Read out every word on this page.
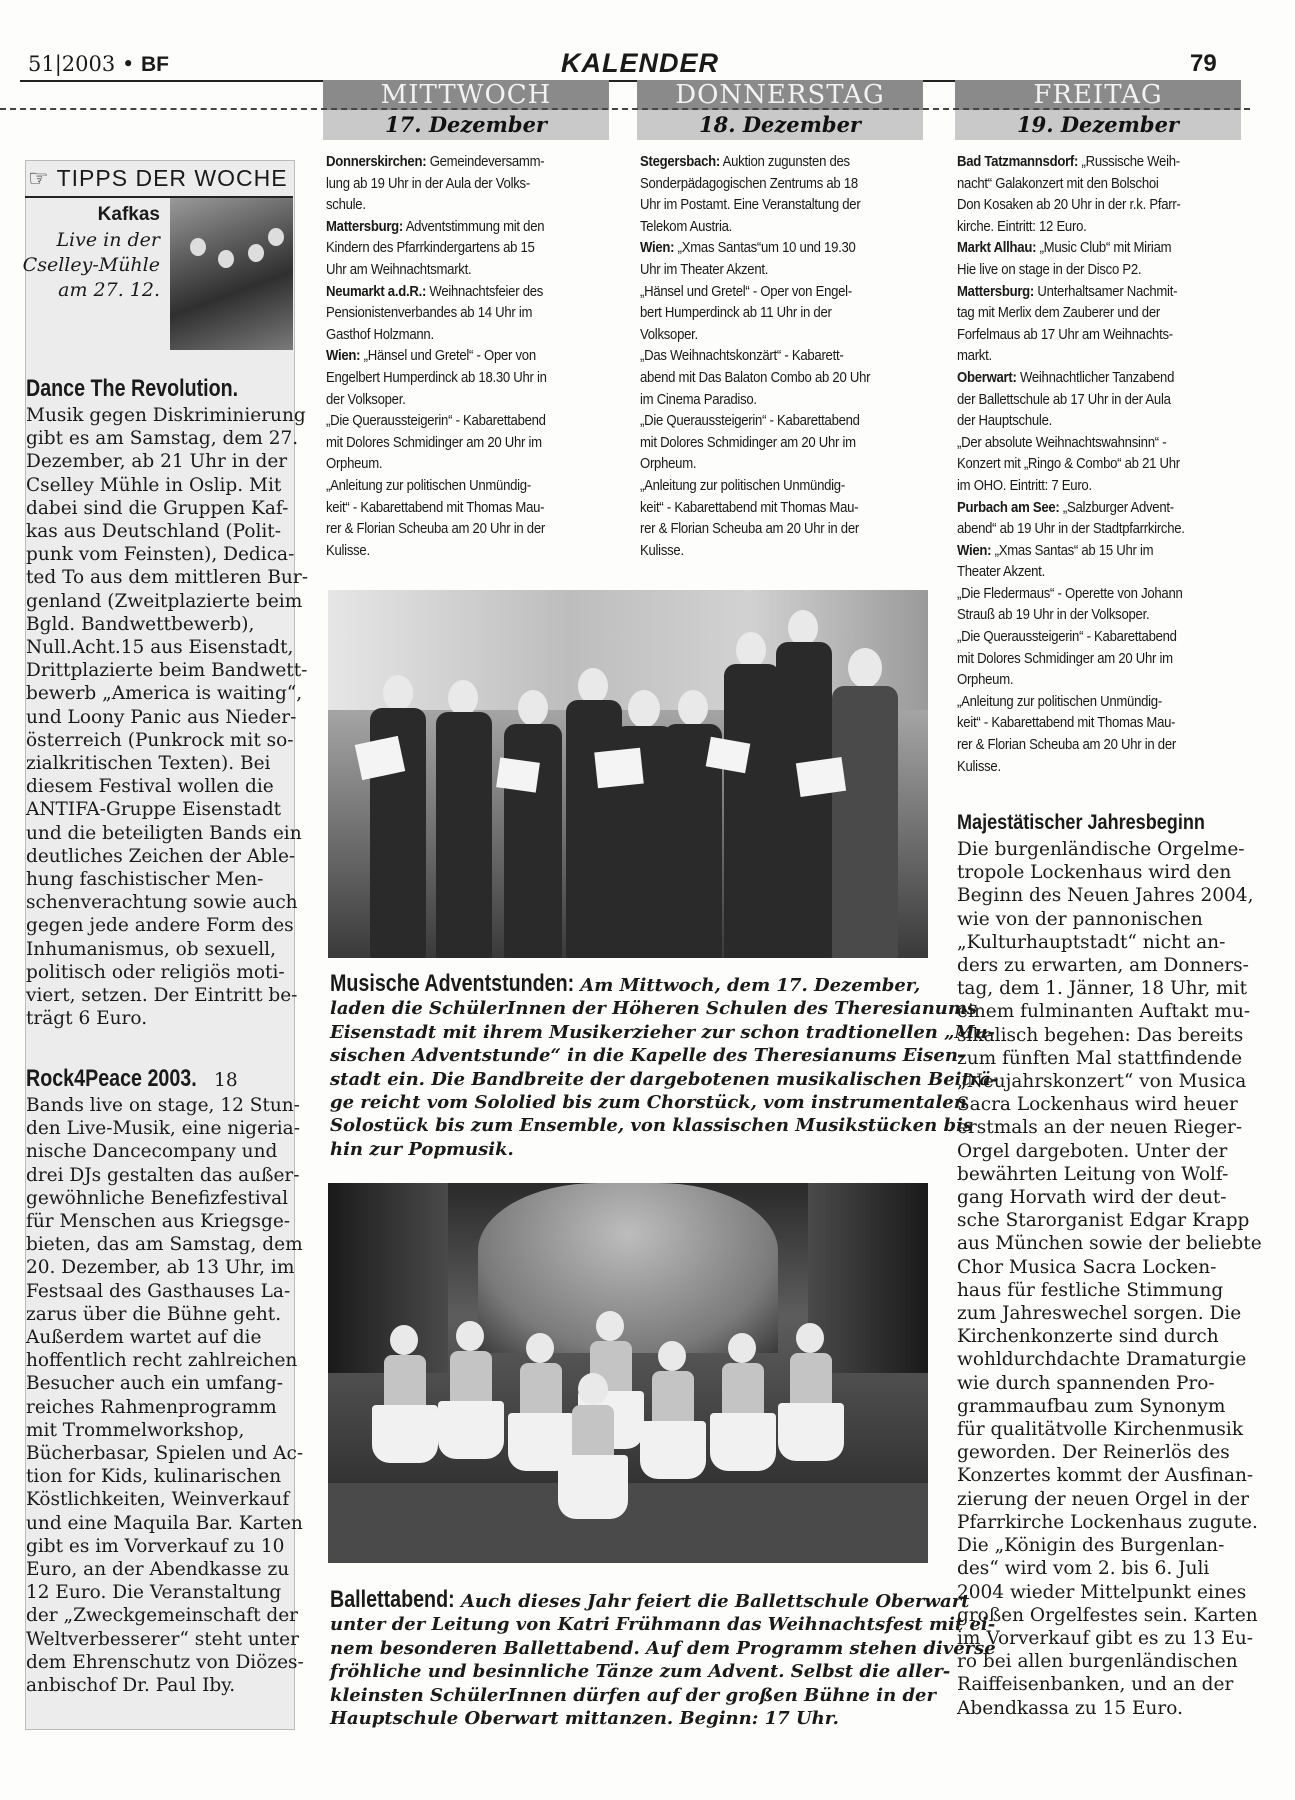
51|2003 • BF	KALENDER	79
MITTWOCH
17. Dezember
DONNERSTAG
18. Dezember
FREITAG
19. Dezember
☞ TIPPS DER WOCHE
Kafkas
Live in der
Cselley-Mühle
am 27. 12.
Dance The Revolution.
Musik gegen Diskriminierung
gibt es am Samstag, dem 27.
Dezember, ab 21 Uhr in der
Cselley Mühle in Oslip. Mit
dabei sind die Gruppen Kaf-
kas aus Deutschland (Polit-
punk vom Feinsten), Dedica-
ted To aus dem mittleren Bur-
genland (Zweitplazierte beim
Bgld. Bandwettbewerb),
Null.Acht.15 aus Eisenstadt,
Drittplazierte beim Bandwett-
bewerb „America is waiting“,
und Loony Panic aus Nieder-
österreich (Punkrock mit so-
zialkritischen Texten). Bei
diesem Festival wollen die
ANTIFA-Gruppe Eisenstadt
und die beteiligten Bands ein
deutliches Zeichen der Able-
hung faschistischer Men-
schenverachtung sowie auch
gegen jede andere Form des
Inhumanismus, ob sexuell,
politisch oder religiös moti-
viert, setzen. Der Eintritt be-
trägt 6 Euro.
Rock4Peace 2003. 18
Bands live on stage, 12 Stun-
den Live-Musik, eine nigeria-
nische Dancecompany und
drei DJs gestalten das außer-
gewöhnliche Benefizfestival
für Menschen aus Kriegsge-
bieten, das am Samstag, dem
20. Dezember, ab 13 Uhr, im
Festsaal des Gasthauses La-
zarus über die Bühne geht.
Außerdem wartet auf die
hoffentlich recht zahlreichen
Besucher auch ein umfang-
reiches Rahmenprogramm
mit Trommelworkshop,
Bücherbasar, Spielen und Ac-
tion for Kids, kulinarischen
Köstlichkeiten, Weinverkauf
und eine Maquila Bar. Karten
gibt es im Vorverkauf zu 10
Euro, an der Abendkasse zu
12 Euro. Die Veranstaltung
der „Zweckgemeinschaft der
Weltverbesserer“ steht unter
dem Ehrenschutz von Diözes-
anbischof Dr. Paul Iby.
Donnerskirchen: Gemeindeversamm-
lung ab 19 Uhr in der Aula der Volks-
schule.
Mattersburg: Adventstimmung mit den
Kindern des Pfarrkindergartens ab 15
Uhr am Weihnachtsmarkt.
Neumarkt a.d.R.: Weihnachtsfeier des
Pensionistenverbandes ab 14 Uhr im
Gasthof Holzmann.
Wien: „Hänsel und Gretel“ - Oper von
Engelbert Humperdinck ab 18.30 Uhr in
der Volksoper.
„Die Queraussteigerin“ - Kabarettabend
mit Dolores Schmidinger am 20 Uhr im
Orpheum.
„Anleitung zur politischen Unmündig-
keit“ - Kabarettabend mit Thomas Mau-
rer & Florian Scheuba am 20 Uhr in der
Kulisse.
Stegersbach: Auktion zugunsten des
Sonderpädagogischen Zentrums ab 18
Uhr im Postamt. Eine Veranstaltung der
Telekom Austria.
Wien: „Xmas Santas“um 10 und 19.30
Uhr im Theater Akzent.
„Hänsel und Gretel“ - Oper von Engel-
bert Humperdinck ab 11 Uhr in der
Volksoper.
„Das Weihnachtskonzärt“ - Kabarett-
abend mit Das Balaton Combo ab 20 Uhr
im Cinema Paradiso.
„Die Queraussteigerin“ - Kabarettabend
mit Dolores Schmidinger am 20 Uhr im
Orpheum.
„Anleitung zur politischen Unmündig-
keit“ - Kabarettabend mit Thomas Mau-
rer & Florian Scheuba am 20 Uhr in der
Kulisse.
Bad Tatzmannsdorf: „Russische Weih-
nacht“ Galakonzert mit den Bolschoi
Don Kosaken ab 20 Uhr in der r.k. Pfarr-
kirche. Eintritt: 12 Euro.
Markt Allhau: „Music Club“ mit Miriam
Hie live on stage in der Disco P2.
Mattersburg: Unterhaltsamer Nachmit-
tag mit Merlix dem Zauberer und der
Forfelmaus ab 17 Uhr am Weihnachts-
markt.
Oberwart: Weihnachtlicher Tanzabend
der Ballettschule ab 17 Uhr in der Aula
der Hauptschule.
„Der absolute Weihnachtswahnsinn“ -
Konzert mit „Ringo & Combo“ ab 21 Uhr
im OHO. Eintritt: 7 Euro.
Purbach am See: „Salzburger Advent-
abend“ ab 19 Uhr in der Stadtpfarrkirche.
Wien: „Xmas Santas“ ab 15 Uhr im
Theater Akzent.
„Die Fledermaus“ - Operette von Johann
Strauß ab 19 Uhr in der Volksoper.
„Die Queraussteigerin“ - Kabarettabend
mit Dolores Schmidinger am 20 Uhr im
Orpheum.
„Anleitung zur politischen Unmündig-
keit“ - Kabarettabend mit Thomas Mau-
rer & Florian Scheuba am 20 Uhr in der
Kulisse.
Musische Adventstunden: Am Mittwoch, dem 17. Dezember,
laden die SchülerInnen der Höheren Schulen des Theresianums
Eisenstadt mit ihrem Musikerzieher zur schon tradtionellen „Mu-
sischen Adventstunde“ in die Kapelle des Theresianums Eisen-
stadt ein. Die Bandbreite der dargebotenen musikalischen Beiträ-
ge reicht vom Sololied bis zum Chorstück, vom instrumentalen
Solostück bis zum Ensemble, von klassischen Musikstücken bis
hin zur Popmusik.
Ballettabend: Auch dieses Jahr feiert die Ballettschule Oberwart
unter der Leitung von Katri Frühmann das Weihnachtsfest mit ei-
nem besonderen Ballettabend. Auf dem Programm stehen diverse
fröhliche und besinnliche Tänze zum Advent. Selbst die aller-
kleinsten SchülerInnen dürfen auf der großen Bühne in der
Hauptschule Oberwart mittanzen. Beginn: 17 Uhr.
Majestätischer Jahresbeginn
Die burgenländische Orgelme-
tropole Lockenhaus wird den
Beginn des Neuen Jahres 2004,
wie von der pannonischen
„Kulturhauptstadt“ nicht an-
ders zu erwarten, am Donners-
tag, dem 1. Jänner, 18 Uhr, mit
einem fulminanten Auftakt mu-
sikalisch begehen: Das bereits
zum fünften Mal stattfindende
„Neujahrskonzert“ von Musica
Sacra Lockenhaus wird heuer
erstmals an der neuen Rieger-
Orgel dargeboten. Unter der
bewährten Leitung von Wolf-
gang Horvath wird der deut-
sche Starorganist Edgar Krapp
aus München sowie der beliebte
Chor Musica Sacra Locken-
haus für festliche Stimmung
zum Jahreswechel sorgen. Die
Kirchenkonzerte sind durch
wohldurchdachte Dramaturgie
wie durch spannenden Pro-
grammaufbau zum Synonym
für qualitätvolle Kirchenmusik
geworden. Der Reinerlös des
Konzertes kommt der Ausfinan-
zierung der neuen Orgel in der
Pfarrkirche Lockenhaus zugute.
Die „Königin des Burgenlan-
des“ wird vom 2. bis 6. Juli
2004 wieder Mittelpunkt eines
großen Orgelfestes sein. Karten
im Vorverkauf gibt es zu 13 Eu-
ro bei allen burgenländischen
Raiffeisenbanken, und an der
Abendkassa zu 15 Euro.
